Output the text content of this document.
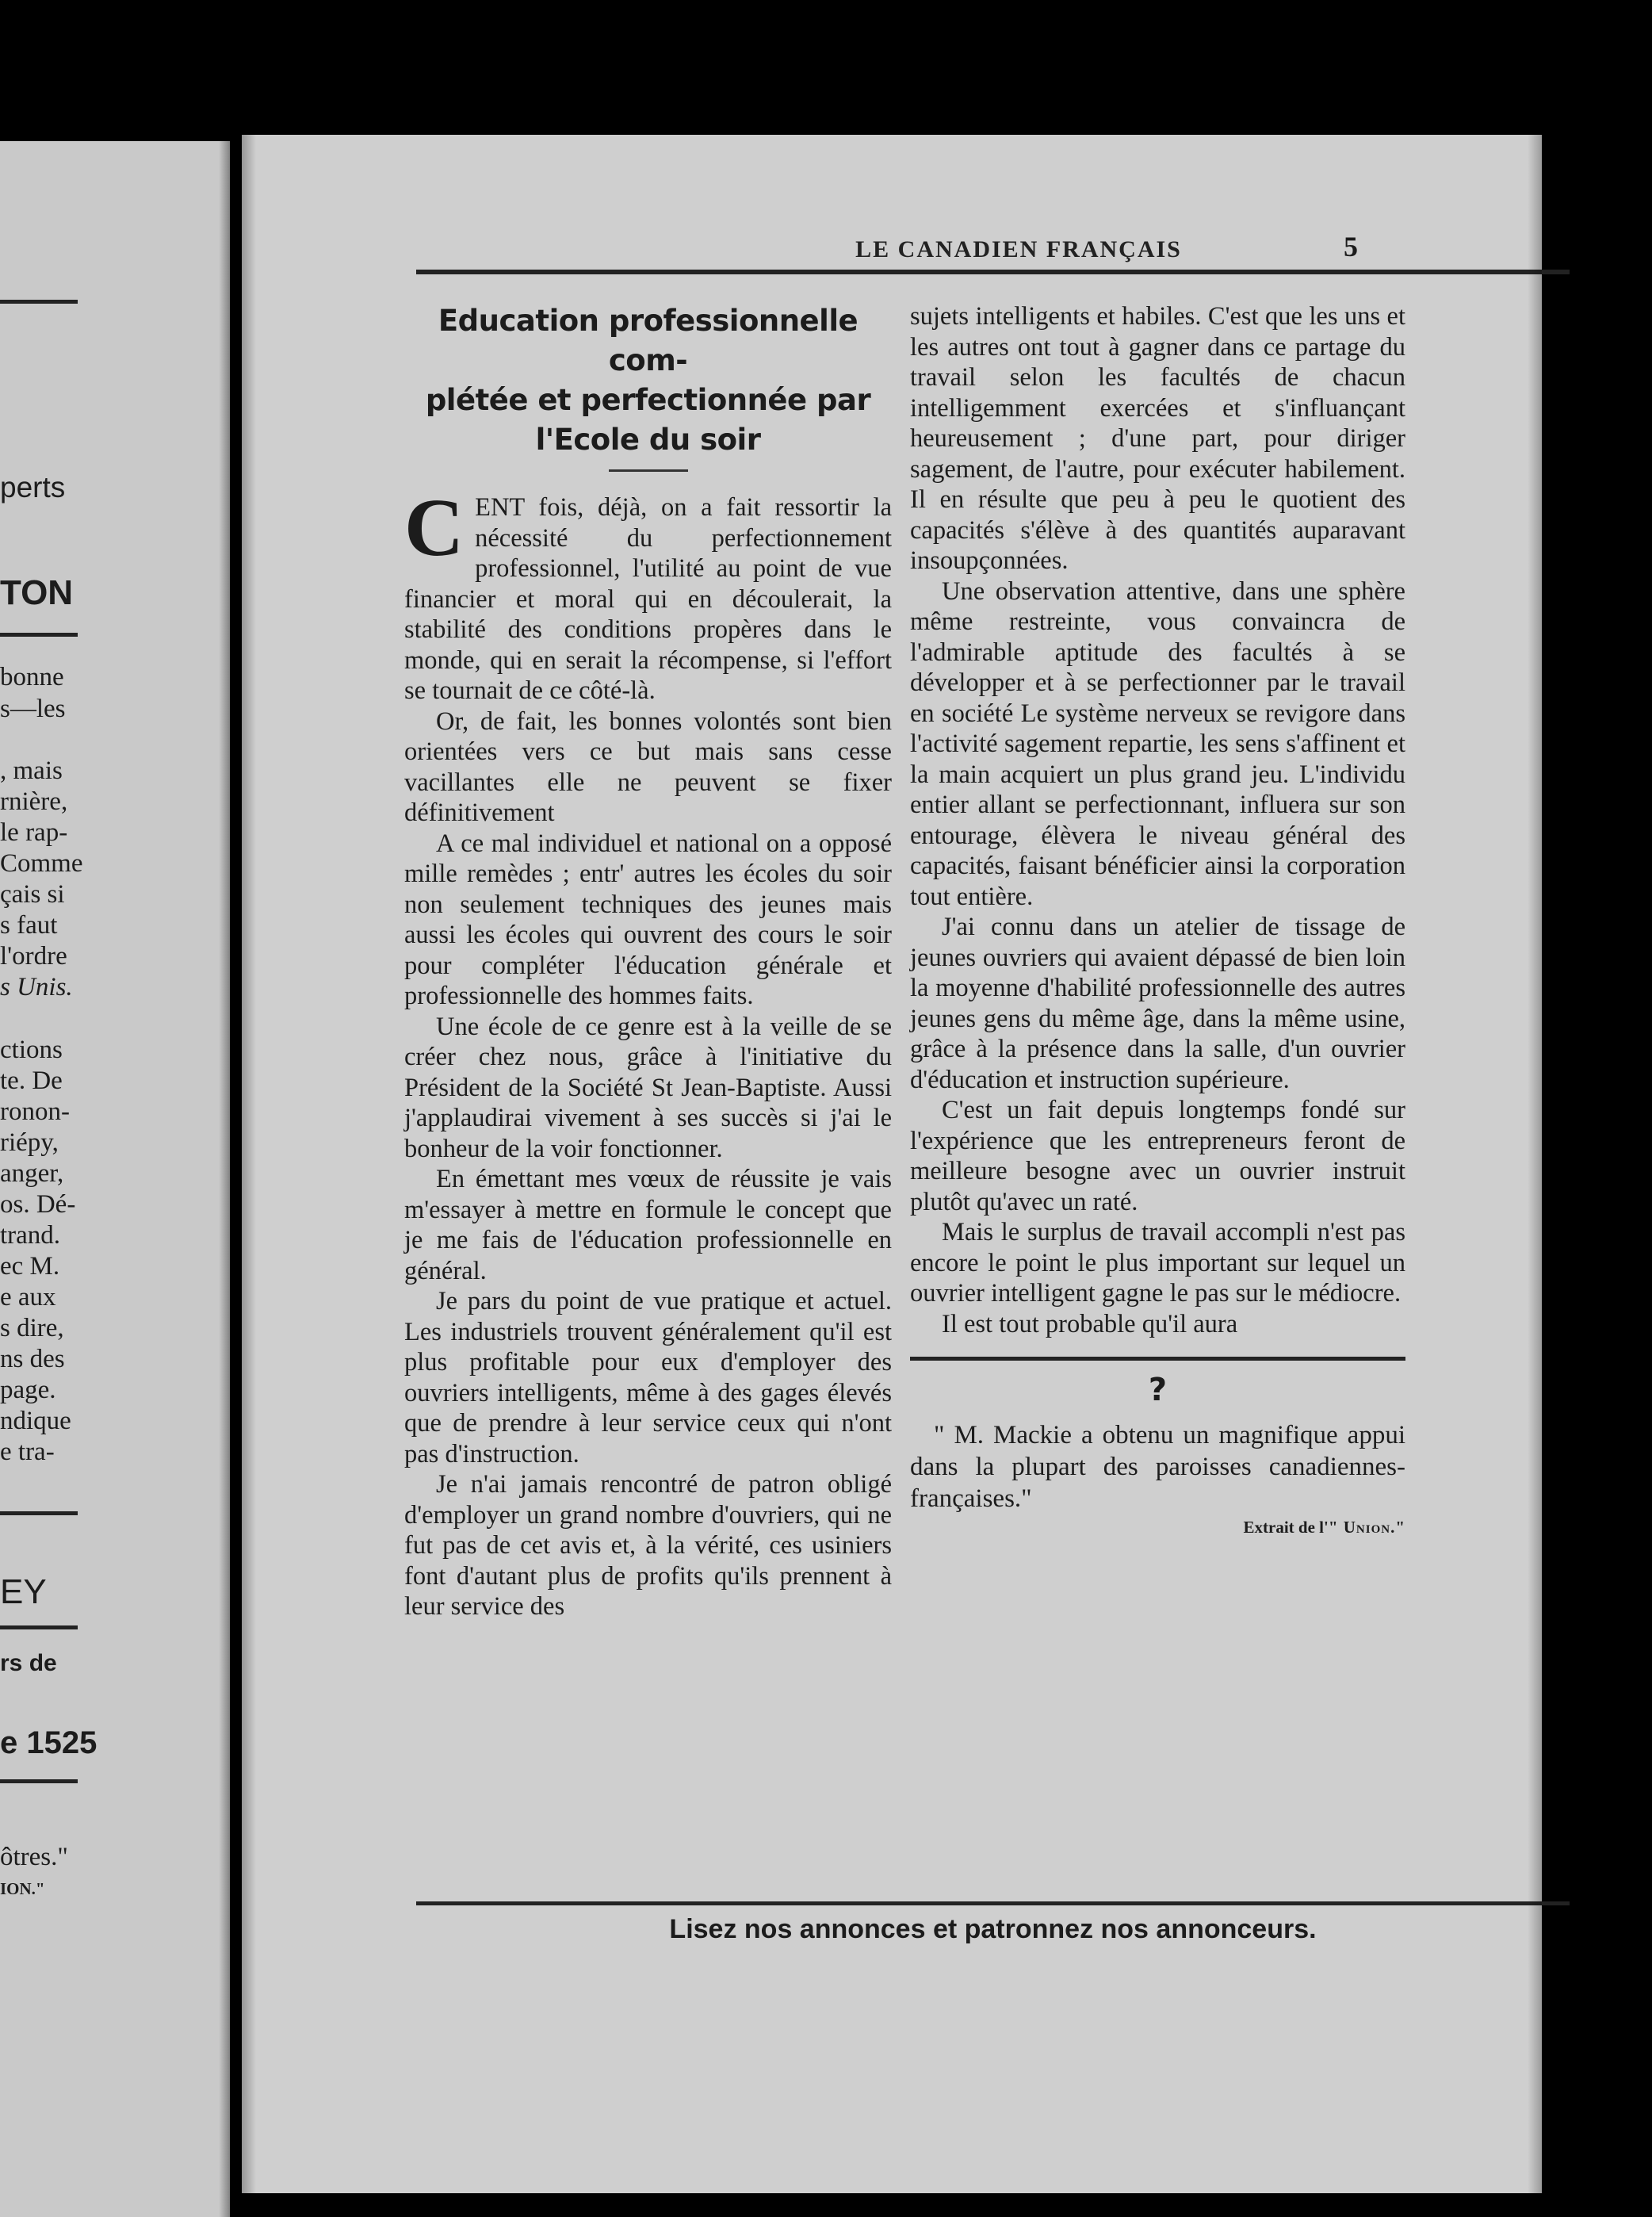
perts

TON

bonne

s—les

, mais

rnière,

le rap-

Comme

çais si

s faut

l'ordre

s Unis.

ctions

te. De

ronon-

riépy,

anger,

os. Dé-

trand.

ec M.

e aux

s dire,

ns des

page.

ndique

e tra-

EY

rs de

e 1525

ôtres."

ION."

LE CANADIEN FRANÇAIS	5
Education professionnelle com-
plétée et perfectionnée par
l'Ecole du soir

CENT fois, déjà, on a fait ressortir la nécessité du perfectionnement professionnel, l'utilité au point de vue financier et moral qui en découlerait, la stabilité des conditions propères dans le monde, qui en serait la récompense, si l'effort se tournait de ce côté-là.

Or, de fait, les bonnes volontés sont bien orientées vers ce but mais sans cesse vacillantes elle ne peuvent se fixer définitivement

A ce mal individuel et national on a opposé mille remèdes ; entr' autres les écoles du soir non seulement techniques des jeunes mais aussi les écoles qui ouvrent des cours le soir pour compléter l'éducation générale et professionnelle des hommes faits.

Une école de ce genre est à la veille de se créer chez nous, grâce à l'initiative du Président de la Société St Jean-Baptiste. Aussi j'applaudirai vivement à ses succès si j'ai le bonheur de la voir fonctionner.

En émettant mes vœux de réussite je vais m'essayer à mettre en formule le concept que je me fais de l'éducation professionnelle en général.

Je pars du point de vue pratique et actuel. Les industriels trouvent généralement qu'il est plus profitable pour eux d'employer des ouvriers intelligents, même à des gages élevés que de prendre à leur service ceux qui n'ont pas d'instruction.

Je n'ai jamais rencontré de patron obligé d'employer un grand nombre d'ouvriers, qui ne fut pas de cet avis et, à la vérité, ces usiniers font d'autant plus de profits qu'ils prennent à leur service des

sujets intelligents et habiles. C'est que les uns et les autres ont tout à gagner dans ce partage du travail selon les facultés de chacun intelligemment exercées et s'influançant heureusement ; d'une part, pour diriger sagement, de l'autre, pour exécuter habilement. Il en résulte que peu à peu le quotient des capacités s'élève à des quantités auparavant insoupçonnées.

Une observation attentive, dans une sphère même restreinte, vous convaincra de l'admirable aptitude des facultés à se développer et à se perfectionner par le travail en société Le système nerveux se revigore dans l'activité sagement repartie, les sens s'affinent et la main acquiert un plus grand jeu. L'individu entier allant se perfectionnant, influera sur son entourage, élèvera le niveau général des capacités, faisant bénéficier ainsi la corporation tout entière.

J'ai connu dans un atelier de tissage de jeunes ouvriers qui avaient dépassé de bien loin la moyenne d'habilité professionnelle des autres jeunes gens du même âge, dans la même usine, grâce à la présence dans la salle, d'un ouvrier d'éducation et instruction supérieure.

C'est un fait depuis longtemps fondé sur l'expérience que les entrepreneurs feront de meilleure besogne avec un ouvrier instruit plutôt qu'avec un raté.

Mais le surplus de travail accompli n'est pas encore le point le plus important sur lequel un ouvrier intelligent gagne le pas sur le médiocre.

Il est tout probable qu'il aura

?

" M. Mackie a obtenu un magnifique appui dans la plupart des paroisses canadiennes-françaises."

Extrait de l'" Union."
Lisez nos annonces et patronnez nos annonceurs.
